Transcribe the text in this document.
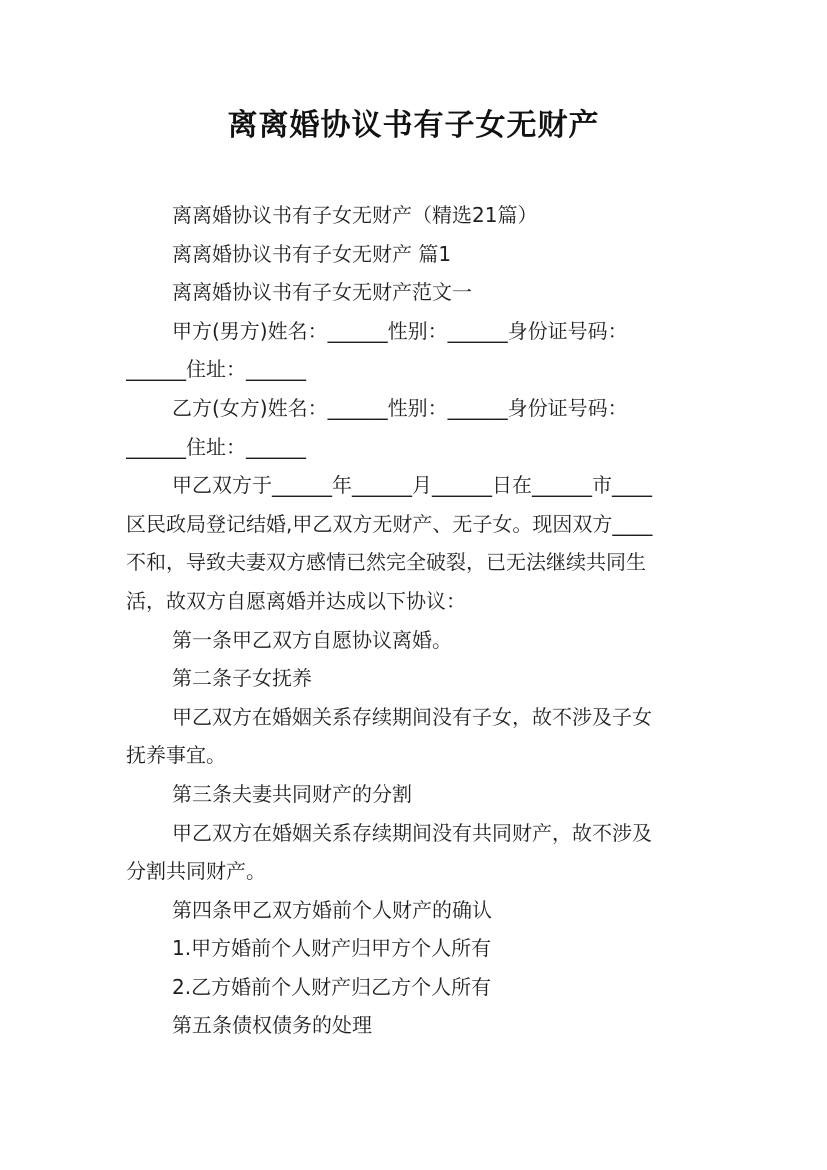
离离婚协议书有子女无财产
离离婚协议书有子女无财产（精选21篇）
离离婚协议书有子女无财产 篇1
离离婚协议书有子女无财产范文一
甲方(男方)姓名：______性别：______身份证号码：
______住址：______
乙方(女方)姓名：______性别：______身份证号码：
______住址：______
甲乙双方于______年______月______日在______市____
区民政局登记结婚,甲乙双方无财产、无子女。现因双方____
不和，导致夫妻双方感情已然完全破裂，已无法继续共同生
活，故双方自愿离婚并达成以下协议：
第一条甲乙双方自愿协议离婚。
第二条子女抚养
甲乙双方在婚姻关系存续期间没有子女，故不涉及子女
抚养事宜。
第三条夫妻共同财产的分割
甲乙双方在婚姻关系存续期间没有共同财产，故不涉及
分割共同财产。
第四条甲乙双方婚前个人财产的确认
1.甲方婚前个人财产归甲方个人所有
2.乙方婚前个人财产归乙方个人所有
第五条债权债务的处理
